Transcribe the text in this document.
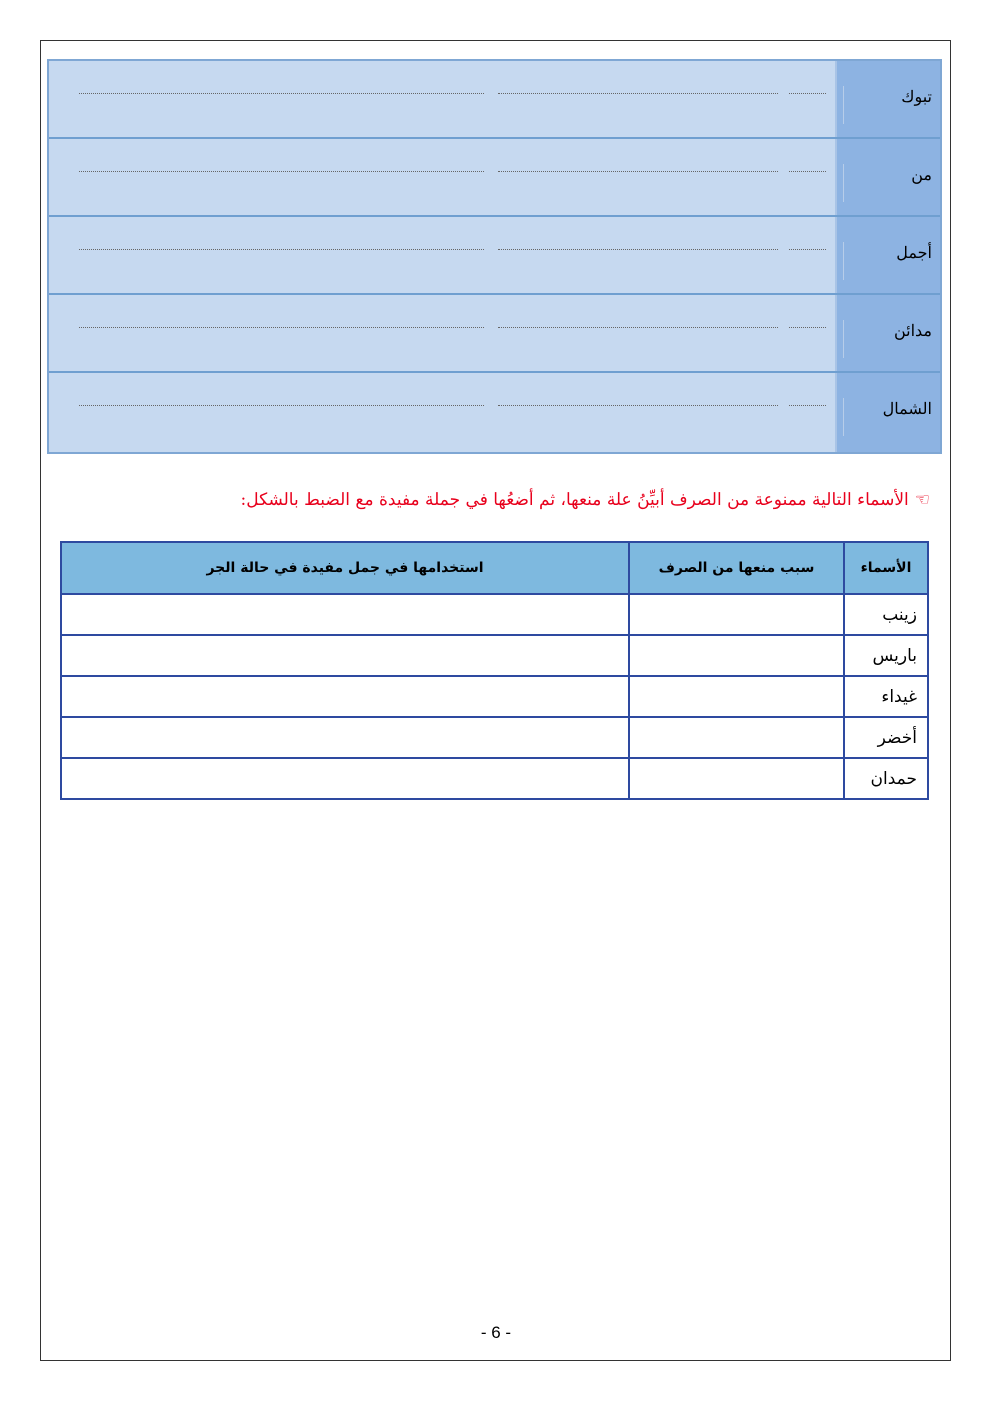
تبوك
من
أجمل
مدائن
الشمال
☜الأسماء التالية ممنوعة من الصرف أبيِّنُ علة منعها، ثم أضعُها في جملة مفيدة مع الضبط بالشكل:
الأسماء	سبب منعها من الصرف	استخدامها في جمل مفيدة في حالة الجر
زينب		
باريس		
غيداء		
أخضر		
حمدان		
- 6 -
